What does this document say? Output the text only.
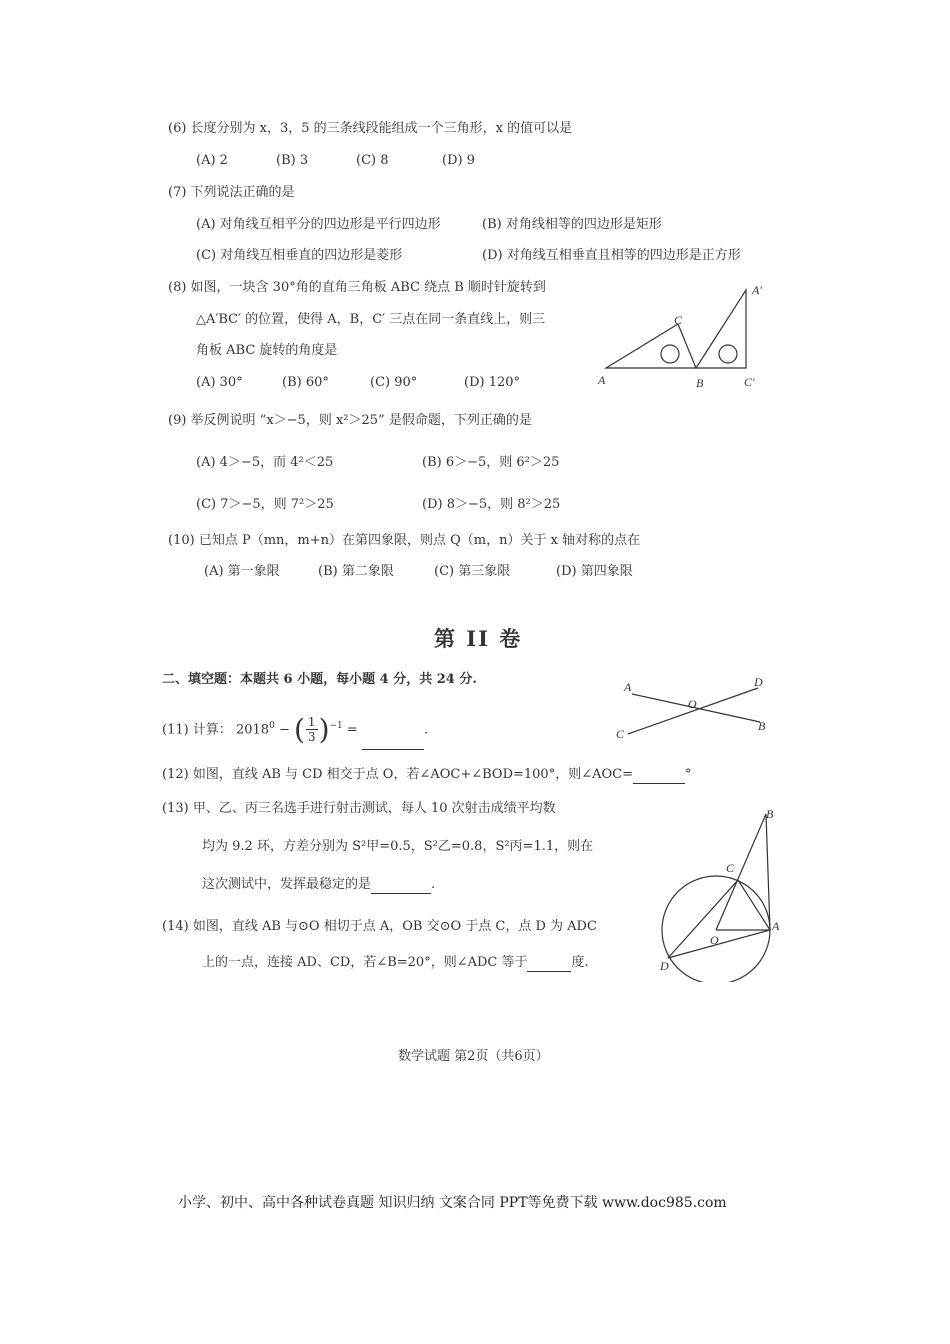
(6) 长度分别为 x，3，5 的三条线段能组成一个三角形，x 的值可以是
(A) 2	(B) 3	(C) 8	(D) 9
(7) 下列说法正确的是
(A) 对角线互相平分的四边形是平行四边形	(B) 对角线相等的四边形是矩形
(C) 对角线互相垂直的四边形是菱形	(D) 对角线互相垂直且相等的四边形是正方形
(8) 如图，一块含 30°角的直角三角板 ABC 绕点 B 顺时针旋转到
△A′BC′ 的位置，使得 A，B，C′ 三点在同一条直线上，则三
角板 ABC 旋转的角度是
(A) 30°	(B) 60°	(C) 90°	(D) 120°	A
C
B
A′
C′
(9) 举反例说明 “x＞−5，则 x²＞25” 是假命题，下列正确的是
(A) 4＞−5，而 4²＜25	(B) 6＞−5，则 6²＞25
(C) 7＞−5，则 7²＞25	(D) 8＞−5，则 8²＞25
(10) 已知点 P（mn，m+n）在第四象限，则点 Q（m，n）关于 x 轴对称的点在
(A) 第一象限	(B) 第二象限	(C) 第三象限	(D) 第四象限
第 II 卷
二、填空题：本题共 6 小题，每小题 4 分，共 24 分.
(11) 计算： $2018^0$ − ( $\frac{1}{3} )^{-1}$ =	.
A	D
O
C
B
(12) 如图，直线 AB 与 CD 相交于点 O，若∠AOC+∠BOD=100°，则∠AOC=	°
(13) 甲、乙、丙三名选手进行射击测试，每人 10 次射击成绩平均数
均为 9.2 环，方差分别为 S²甲=0.5，S²乙=0.8，S²丙=1.1，则在
这次测试中，发挥最稳定的是	.
(14) 如图，直线 AB 与⊙O 相切于点 A，OB 交⊙O 于点 C，点 D 为 ADC
上的一点，连接 AD、CD，若∠B=20°，则∠ADC 等于	度.
B
C
A
O
D
数学试题 第2页（共6页）
小学、初中、高中各种试卷真题 知识归纳 文案合同 PPT等免费下载 www.doc985.com
